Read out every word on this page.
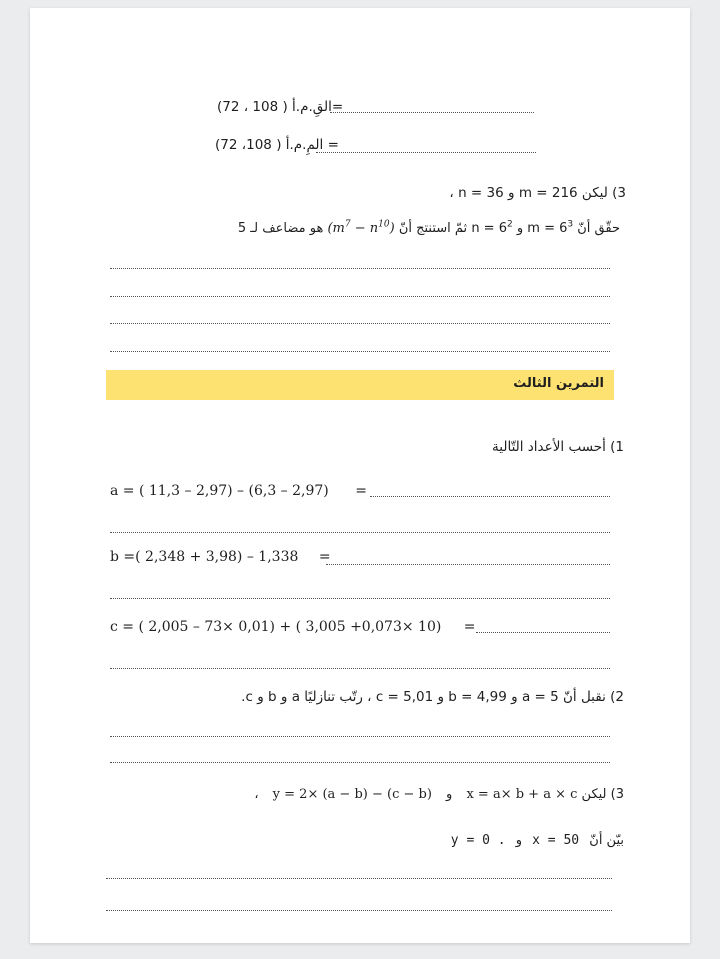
=القِ.م.أ ( 108 ، 72)
= المِ.م.أ ( 108، 72)
3) ليكن m = 216 و n = 36 ،
حقّق أنّ $m = 6^3$ و $n = 6^2$ ثمّ استنتج أنّ $(m^7 - n^{10})$ هو مضاعف لـ 5
التمرين الثالث
1) أحسب الأعداد التّالية
a = ( 11,3 – 2,97) – (6,3 – 2,97) =
b =( 2,348 + 3,98) – 1,338 =
c = ( 2,005 – 73× 0,01) + ( 3,005 +0,073× 10) =
2) نقبل أنّ a = 5 و b = 4,99 و c = 5,01 ، رتّب تنازليًا a و b و c.
3) ليكن x = a× b + a × c و y = 2× (a − b) − (c − b) ،
بيّن أنّ x = 50 و y = 0 .
